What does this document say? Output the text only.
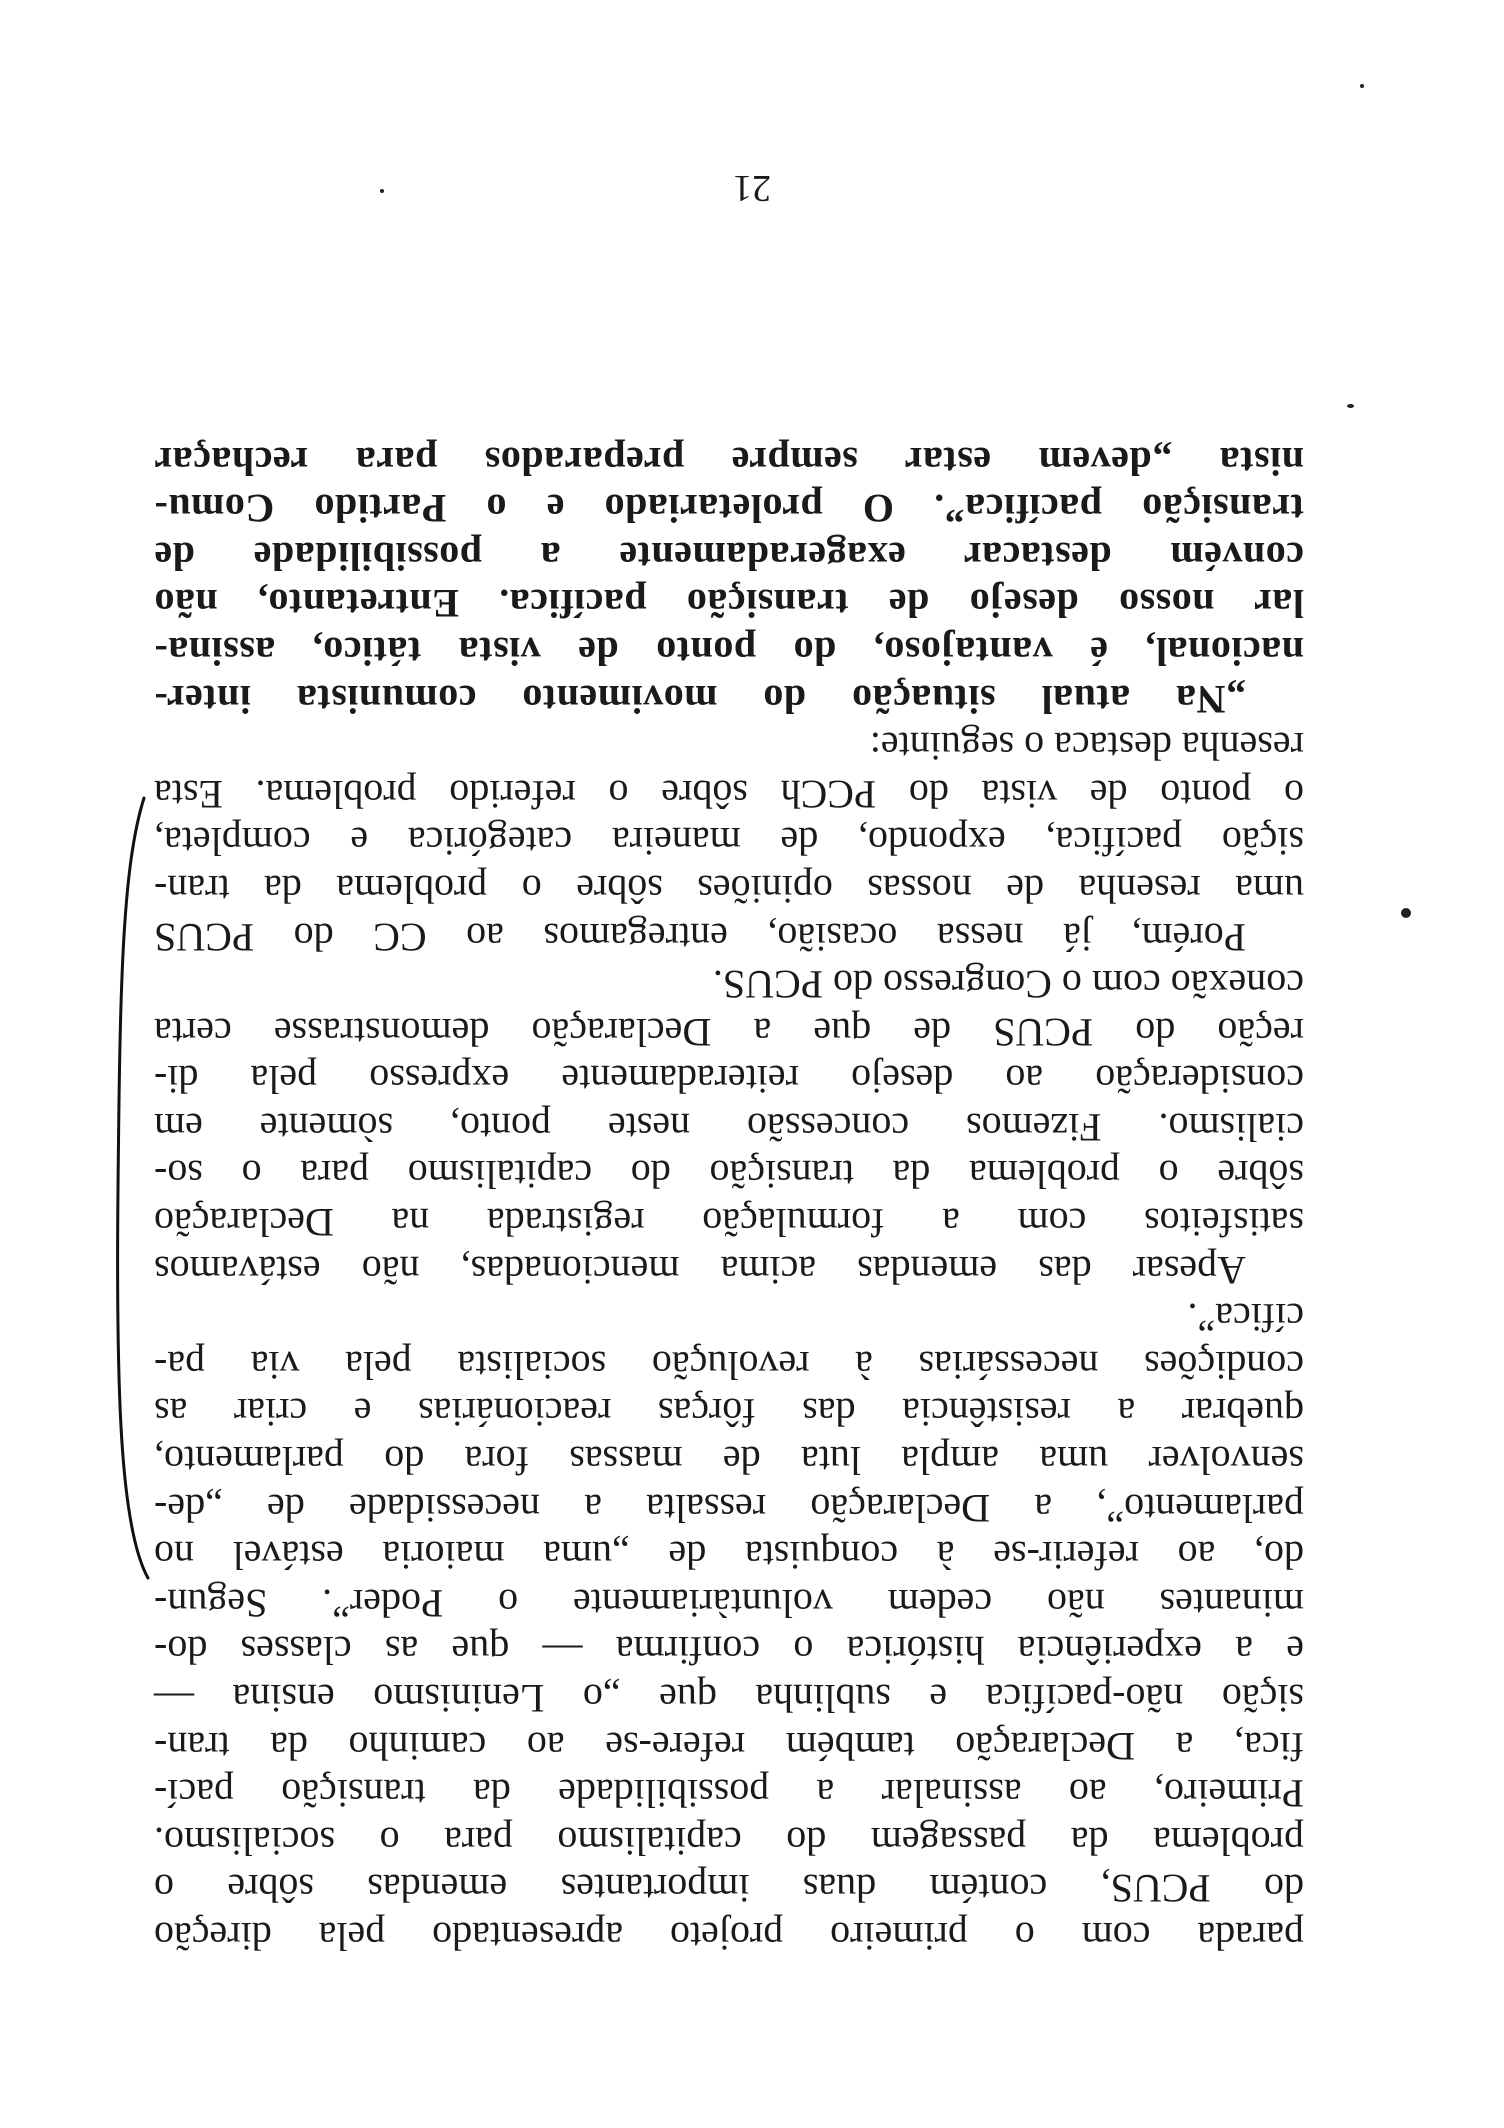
parada com o primeiro projeto apresentado pela direção
do PCUS, contém duas importantes emendas sôbre o
problema da passagem do capitalismo para o socialismo.
Primeiro, ao assinalar a possibilidade da transição pací-
fica, a Declaração também refere-se ao caminho da tran-
sição não-pacífica e sublinha que „o Leninismo ensina —
e a experiência histórica o confirma — que as classes do-
minantes não cedem voluntàriamente o Poder”. Segun-
do, ao referir-se à conquista de „uma maioria estável no
parlamento”, a Declaração ressalta a necessidade de „de-
senvolver uma ampla luta de massas fora do parlamento,
quebrar a resistência das fôrças reacionárias e criar as
condições necessárias à revolução socialista pela via pa-
cífica”.
Apesar das emendas acima mencionadas, não estávamos
satisfeitos com a formulação registrada na Declaração
sôbre o problema da transição do capitalismo para o so-
cialismo. Fizemos concessão neste ponto, sòmente em
consideração ao desejo reiteradamente expresso pela di-
reção do PCUS de que a Declaração demonstrasse certa
conexão com o Congresso do PCUS.
Porém, já nessa ocasião, entregamos ao CC do PCUS
uma resenha de nossas opiniões sôbre o problema da tran-
sição pacífica, expondo, de maneira categórica e completa,
o ponto de vista do PCCh sôbre o referido problema. Esta
resenha destaca o seguinte:
„Na atual situação do movimento comunista inter-
nacional, é vantajoso, do ponto de vista tático, assina-
lar nosso desejo de transição pacífica. Entretanto, não
convém destacar exageradamente a possibilidade de
transição pacífica”. O proletariado e o Partido Comu-
nista „devem estar sempre preparados para rechaçar
21
